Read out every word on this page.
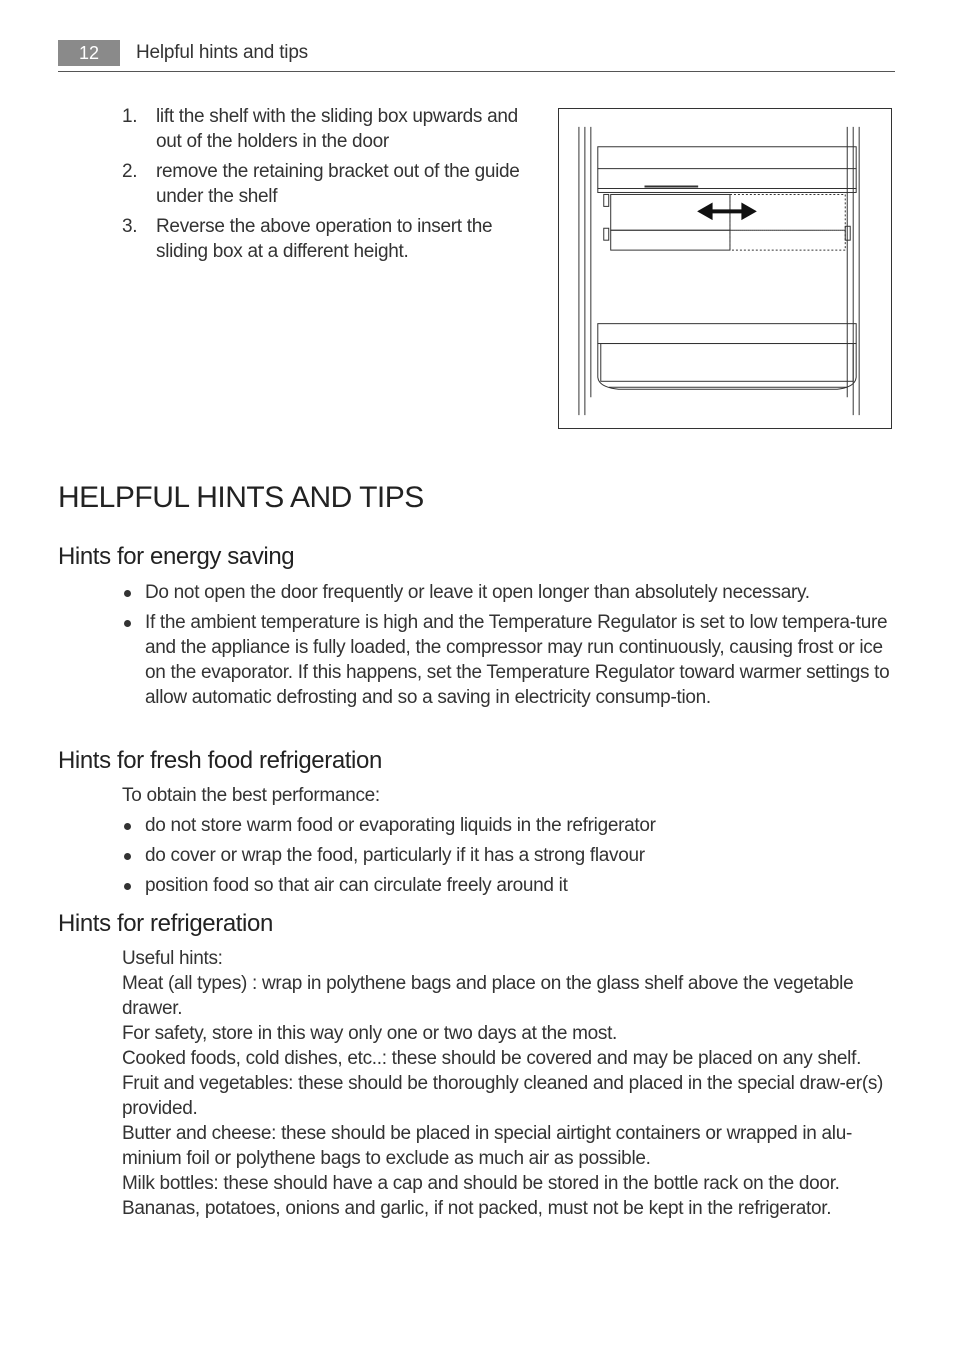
12	Helpful hints and tips
1. lift the shelf with the sliding box upwards and out of the holders in the door
2. remove the retaining bracket out of the guide under the shelf
3. Reverse the above operation to insert the sliding box at a different height.
HELPFUL HINTS AND TIPS
Hints for energy saving
Do not open the door frequently or leave it open longer than absolutely necessary.
If the ambient temperature is high and the Temperature Regulator is set to low tempera-ture and the appliance is fully loaded, the compressor may run continuously, causing frost or ice on the evaporator. If this happens, set the Temperature Regulator toward warmer settings to allow automatic defrosting and so a saving in electricity consump-tion.
Hints for fresh food refrigeration

To obtain the best performance:

do not store warm food or evaporating liquids in the refrigerator
do cover or wrap the food, particularly if it has a strong flavour
position food so that air can circulate freely around it
Hints for refrigeration
Useful hints:
Meat (all types) : wrap in polythene bags and place on the glass shelf above the vegetable drawer.
For safety, store in this way only one or two days at the most.
Cooked foods, cold dishes, etc..: these should be covered and may be placed on any shelf.
Fruit and vegetables: these should be thoroughly cleaned and placed in the special draw-er(s) provided.
Butter and cheese: these should be placed in special airtight containers or wrapped in alu-minium foil or polythene bags to exclude as much air as possible.
Milk bottles: these should have a cap and should be stored in the bottle rack on the door.
Bananas, potatoes, onions and garlic, if not packed, must not be kept in the refrigerator.
